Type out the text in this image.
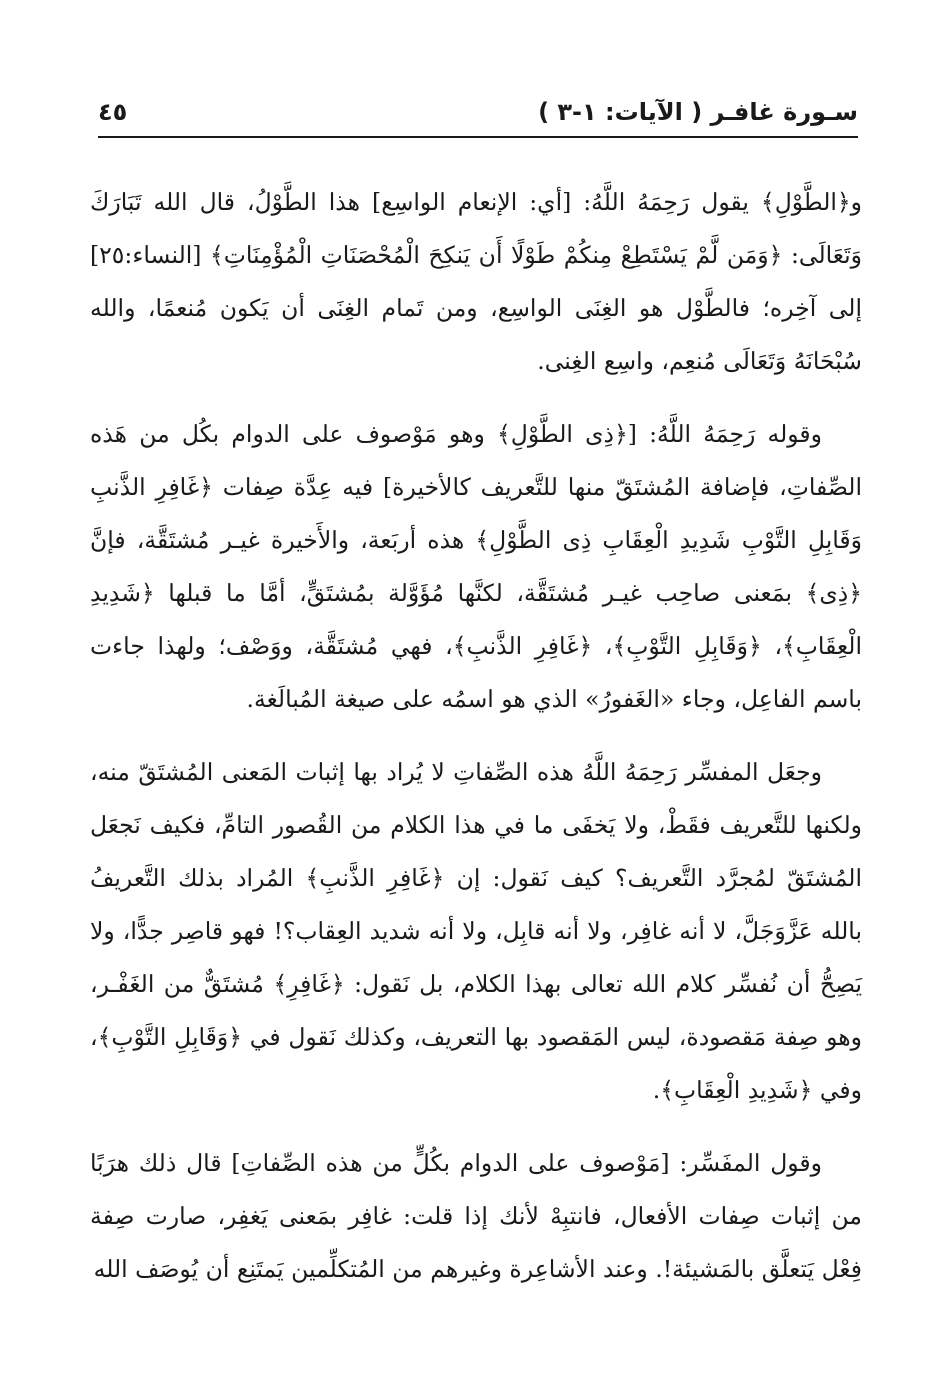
سـورة غافـر ( الآيات: ١-٣ )
٤٥

و﴿الطَّوْلِ﴾ يقول رَحِمَهُ اللَّهُ: [أي: الإنعام الواسِع] هذا الطَّوْلُ، قال الله تَبَارَكَ وَتَعَالَى: ﴿وَمَن لَّمْ يَسْتَطِعْ مِنكُمْ طَوْلًا أَن يَنكِحَ الْمُحْصَنَاتِ الْمُؤْمِنَاتِ﴾ [النساء:٢٥] إلى آخِره؛ فالطَّوْل هو الغِنَى الواسِع، ومن تَمام الغِنَى أن يَكون مُنعمًا، والله سُبْحَانَهُ وَتَعَالَى مُنعِم، واسِع الغِنى.

وقوله رَحِمَهُ اللَّهُ: [﴿ذِى الطَّوْلِ﴾ وهو مَوْصوف على الدوام بكُل من هَذه الصِّفاتِ، فإضافة المُشتَقّ منها للتَّعريف كالأخيرة] فيه عِدَّة صِفات ﴿غَافِرِ الذَّنبِ وَقَابِلِ التَّوْبِ شَدِيدِ الْعِقَابِ ذِى الطَّوْلِ﴾ هذه أربَعة، والأَخيرة غيـر مُشتَقَّة، فإنَّ ﴿ذِى﴾ بمَعنى صاحِب غيـر مُشتَقَّة، لكنَّها مُؤَوَّلة بمُشتَقٍّ، أمَّا ما قبلها ﴿شَدِيدِ الْعِقَابِ﴾، ﴿وَقَابِلِ التَّوْبِ﴾، ﴿غَافِرِ الذَّنبِ﴾، فهي مُشتَقَّة، ووَصْف؛ ولهذا جاءت باسم الفاعِل، وجاء «الغَفورُ» الذي هو اسمُه على صيغة المُبالَغة.

وجعَل المفسِّر رَحِمَهُ اللَّهُ هذه الصِّفاتِ لا يُراد بها إثبات المَعنى المُشتَقّ منه، ولكنها للتَّعريف فقَطْ، ولا يَخفَى ما في هذا الكلام من القُصور التامِّ، فكيف نَجعَل المُشتَقّ لمُجرَّد التَّعريف؟ كيف نَقول: إن ﴿غَافِرِ الذَّنبِ﴾ المُراد بذلك التَّعريفُ بالله عَزَّوَجَلَّ، لا أنه غافِر، ولا أنه قابِل، ولا أنه شديد العِقاب؟! فهو قاصِر جدًّا، ولا يَصِحُّ أن نُفسِّر كلام الله تعالى بهذا الكلام، بل نَقول: ﴿غَافِرِ﴾ مُشتَقٌّ من الغَفْـر، وهو صِفة مَقصودة، ليس المَقصود بها التعريف، وكذلك نَقول في ﴿وَقَابِلِ التَّوْبِ﴾، وفي ﴿شَدِيدِ الْعِقَابِ﴾.

وقول المفَسِّر: [مَوْصوف على الدوام بكُلٍّ من هذه الصِّفاتِ] قال ذلك هرَبًا من إثبات صِفات الأفعال، فانتبِهْ لأنك إذا قلت: غافِر بمَعنى يَغفِر، صارت صِفة فِعْل يَتعلَّق بالمَشيئة!. وعند الأشاعِرة وغيرهم من المُتكلِّمين يَمتَنِع أن يُوصَف الله
